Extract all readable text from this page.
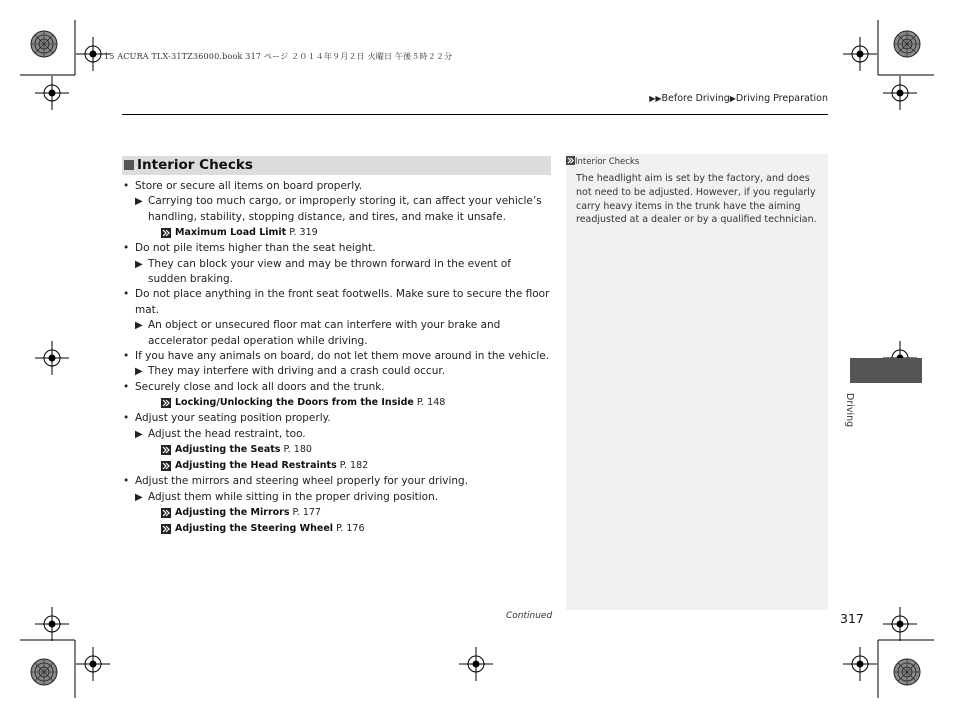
15 ACURA TLX-31TZ36000.book 317 ページ ２０１４年９月２日 火曜日 午後５時２２分
▶▶Before Driving▶Driving Preparation
Interior Checks
• Store or secure all items on board properly.
▶ Carrying too much cargo, or improperly storing it, can affect your vehicle’s handling, stability, stopping distance, and tires, and make it unsafe.
Maximum Load Limit P. 319
• Do not pile items higher than the seat height.
▶ They can block your view and may be thrown forward in the event of sudden braking.
• Do not place anything in the front seat footwells. Make sure to secure the floor mat.
▶ An object or unsecured floor mat can interfere with your brake and accelerator pedal operation while driving.
• If you have any animals on board, do not let them move around in the vehicle.
▶ They may interfere with driving and a crash could occur.
• Securely close and lock all doors and the trunk.
Locking/Unlocking the Doors from the Inside P. 148
• Adjust your seating position properly.
▶ Adjust the head restraint, too.
Adjusting the Seats P. 180
Adjusting the Head Restraints P. 182
• Adjust the mirrors and steering wheel properly for your driving.
▶ Adjust them while sitting in the proper driving position.
Adjusting the Mirrors P. 177
Adjusting the Steering Wheel P. 176
Interior Checks
The headlight aim is set by the factory, and does not need to be adjusted. However, if you regularly carry heavy items in the trunk have the aiming readjusted at a dealer or by a qualified technician.
Driving
Continued	317
